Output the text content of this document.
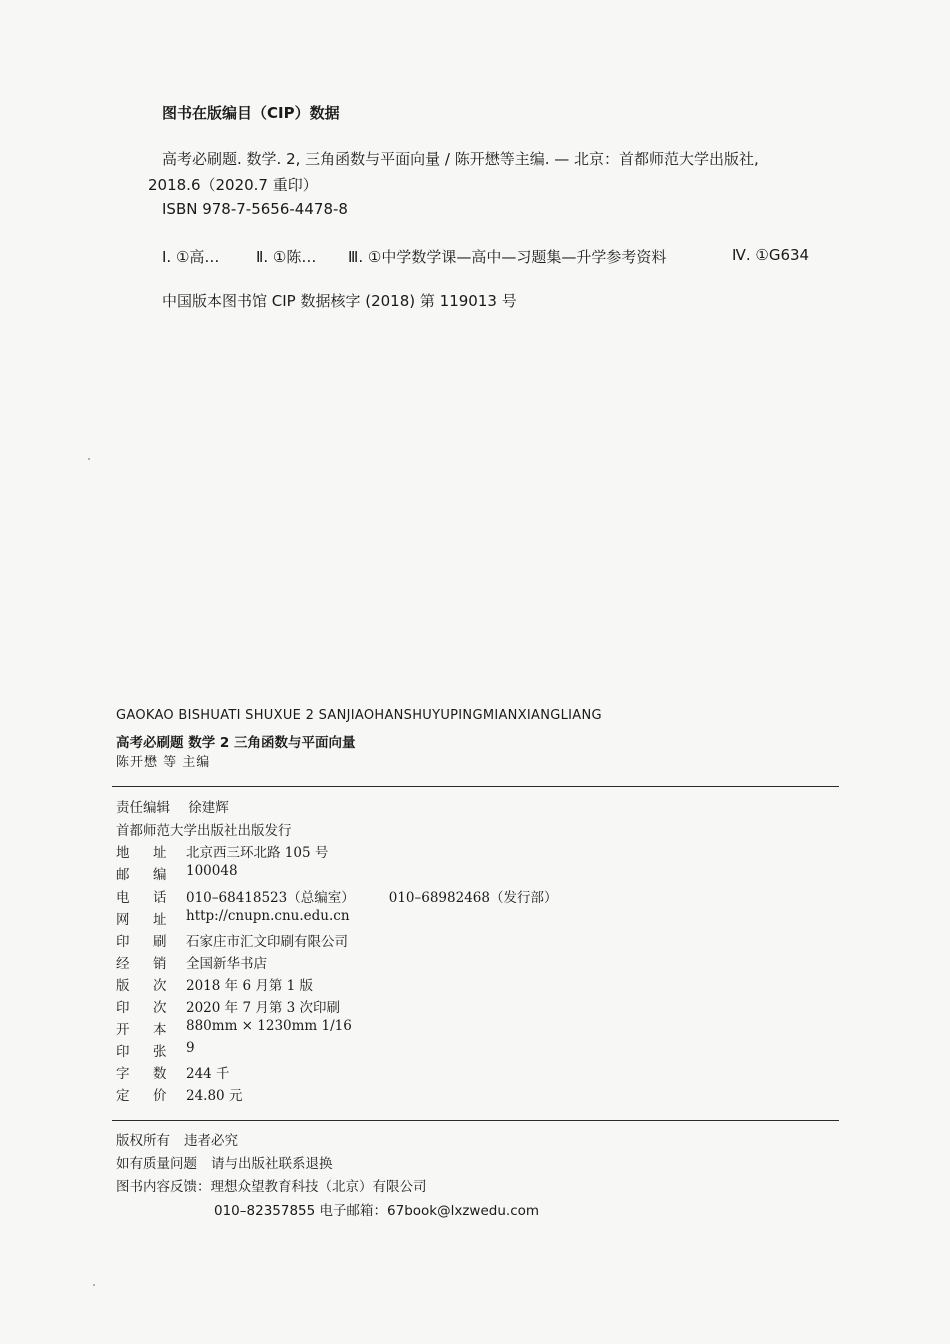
图书在版编目（CIP）数据
高考必刷题. 数学. 2, 三角函数与平面向量 / 陈开懋等主编. — 北京：首都师范大学出版社, 2018.6（2020.7 重印）
ISBN 978-7-5656-4478-8
Ⅰ. ①高…	Ⅱ. ①陈…	Ⅲ. ①中学数学课—高中—习题集—升学参考资料	Ⅳ. ①G634
中国版本图书馆 CIP 数据核字 (2018) 第 119013 号
GAOKAO BISHUATI SHUXUE 2 SANJIAOHANSHUYUPINGMIANXIANGLIANG
高考必刷题 数学 2 三角函数与平面向量
陈开懋 等 主编
责任编辑 徐建辉
首都师范大学出版社出版发行
地	址	北京西三环北路 105 号
邮	编	100048
电	话	010–68418523（总编室）	010–68982468（发行部）
网	址	http://cnupn.cnu.edu.cn
印	刷	石家庄市汇文印刷有限公司
经	销	全国新华书店
版	次	2018 年 6 月第 1 版
印	次	2020 年 7 月第 3 次印刷
开	本	880mm × 1230mm 1/16
印	张	9
字	数	244 千
定	价	24.80 元
版权所有 违者必究
如有质量问题 请与出版社联系退换
图书内容反馈：理想众望教育科技（北京）有限公司
010–82357855 电子邮箱：67book@lxzwedu.com
